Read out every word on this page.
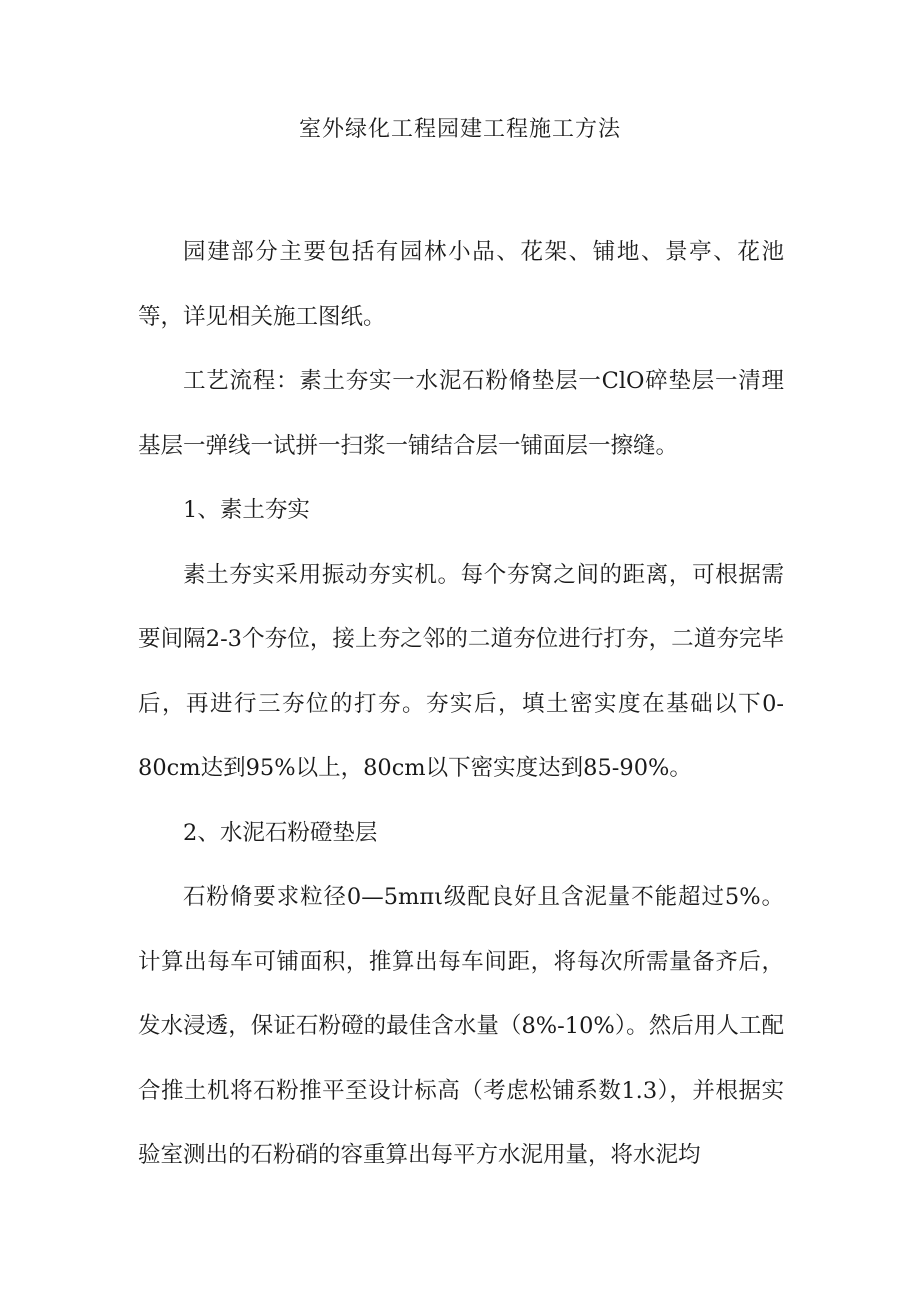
室外绿化工程园建工程施工方法

园建部分主要包括有园林小品、花架、铺地、景亭、花池等，详见相关施工图纸。

工艺流程：素土夯实一水泥石粉脩垫层一ClO碎垫层一清理基层一弹线一试拼一扫浆一铺结合层一铺面层一擦缝。

1、素土夯实

素土夯实采用振动夯实机。每个夯窝之间的距离，可根据需要间隔2-3个夯位，接上夯之邻的二道夯位进行打夯，二道夯完毕后，再进行三夯位的打夯。夯实后，填土密实度在基础以下0-80cm达到95%以上，80cm以下密实度达到85-90%。

2、水泥石粉磴垫层

石粉脩要求粒径0—5mπι级配良好且含泥量不能超过5%。计算出每车可铺面积，推算出每车间距，将每次所需量备齐后，发水浸透，保证石粉磴的最佳含水量（8%-10%）。然后用人工配合推土机将石粉推平至设计标高（考虑松铺系数1.3），并根据实验室测出的石粉硝的容重算出每平方水泥用量，将水泥均
